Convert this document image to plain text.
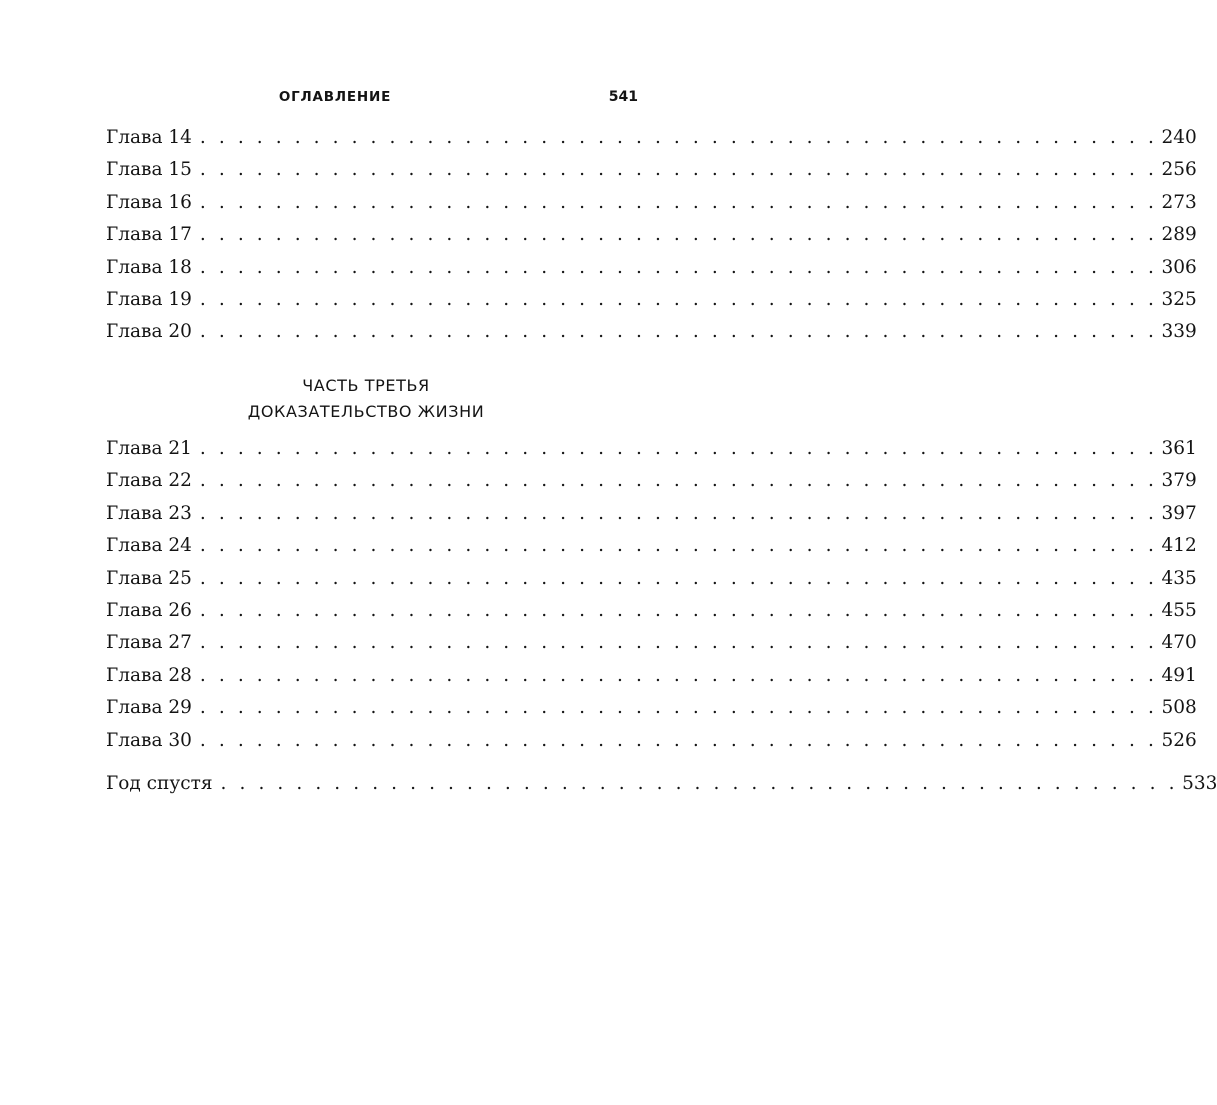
ОГЛАВЛЕНИЕ	541
Глава 14 . . . . . . . . . . . . . . . . . . . . . . . . . . . . . . . . . . . . . . . . . . . . . . . . . . . 240
Глава 15 . . . . . . . . . . . . . . . . . . . . . . . . . . . . . . . . . . . . . . . . . . . . . . . . . . . 256
Глава 16 . . . . . . . . . . . . . . . . . . . . . . . . . . . . . . . . . . . . . . . . . . . . . . . . . . . 273
Глава 17 . . . . . . . . . . . . . . . . . . . . . . . . . . . . . . . . . . . . . . . . . . . . . . . . . . . 289
Глава 18 . . . . . . . . . . . . . . . . . . . . . . . . . . . . . . . . . . . . . . . . . . . . . . . . . . . 306
Глава 19 . . . . . . . . . . . . . . . . . . . . . . . . . . . . . . . . . . . . . . . . . . . . . . . . . . . 325
Глава 20 . . . . . . . . . . . . . . . . . . . . . . . . . . . . . . . . . . . . . . . . . . . . . . . . . . . 339
ЧАСТЬ ТРЕТЬЯ
ДОКАЗАТЕЛЬСТВО ЖИЗНИ
Глава 21 . . . . . . . . . . . . . . . . . . . . . . . . . . . . . . . . . . . . . . . . . . . . . . . . . . . 361
Глава 22 . . . . . . . . . . . . . . . . . . . . . . . . . . . . . . . . . . . . . . . . . . . . . . . . . . . 379
Глава 23 . . . . . . . . . . . . . . . . . . . . . . . . . . . . . . . . . . . . . . . . . . . . . . . . . . . 397
Глава 24 . . . . . . . . . . . . . . . . . . . . . . . . . . . . . . . . . . . . . . . . . . . . . . . . . . . 412
Глава 25 . . . . . . . . . . . . . . . . . . . . . . . . . . . . . . . . . . . . . . . . . . . . . . . . . . . 435
Глава 26 . . . . . . . . . . . . . . . . . . . . . . . . . . . . . . . . . . . . . . . . . . . . . . . . . . . 455
Глава 27 . . . . . . . . . . . . . . . . . . . . . . . . . . . . . . . . . . . . . . . . . . . . . . . . . . . 470
Глава 28 . . . . . . . . . . . . . . . . . . . . . . . . . . . . . . . . . . . . . . . . . . . . . . . . . . . 491
Глава 29 . . . . . . . . . . . . . . . . . . . . . . . . . . . . . . . . . . . . . . . . . . . . . . . . . . . 508
Глава 30 . . . . . . . . . . . . . . . . . . . . . . . . . . . . . . . . . . . . . . . . . . . . . . . . . . . 526
Год спустя . . . . . . . . . . . . . . . . . . . . . . . . . . . . . . . . . . . . . . . . . . . . . . . . . . . 533
